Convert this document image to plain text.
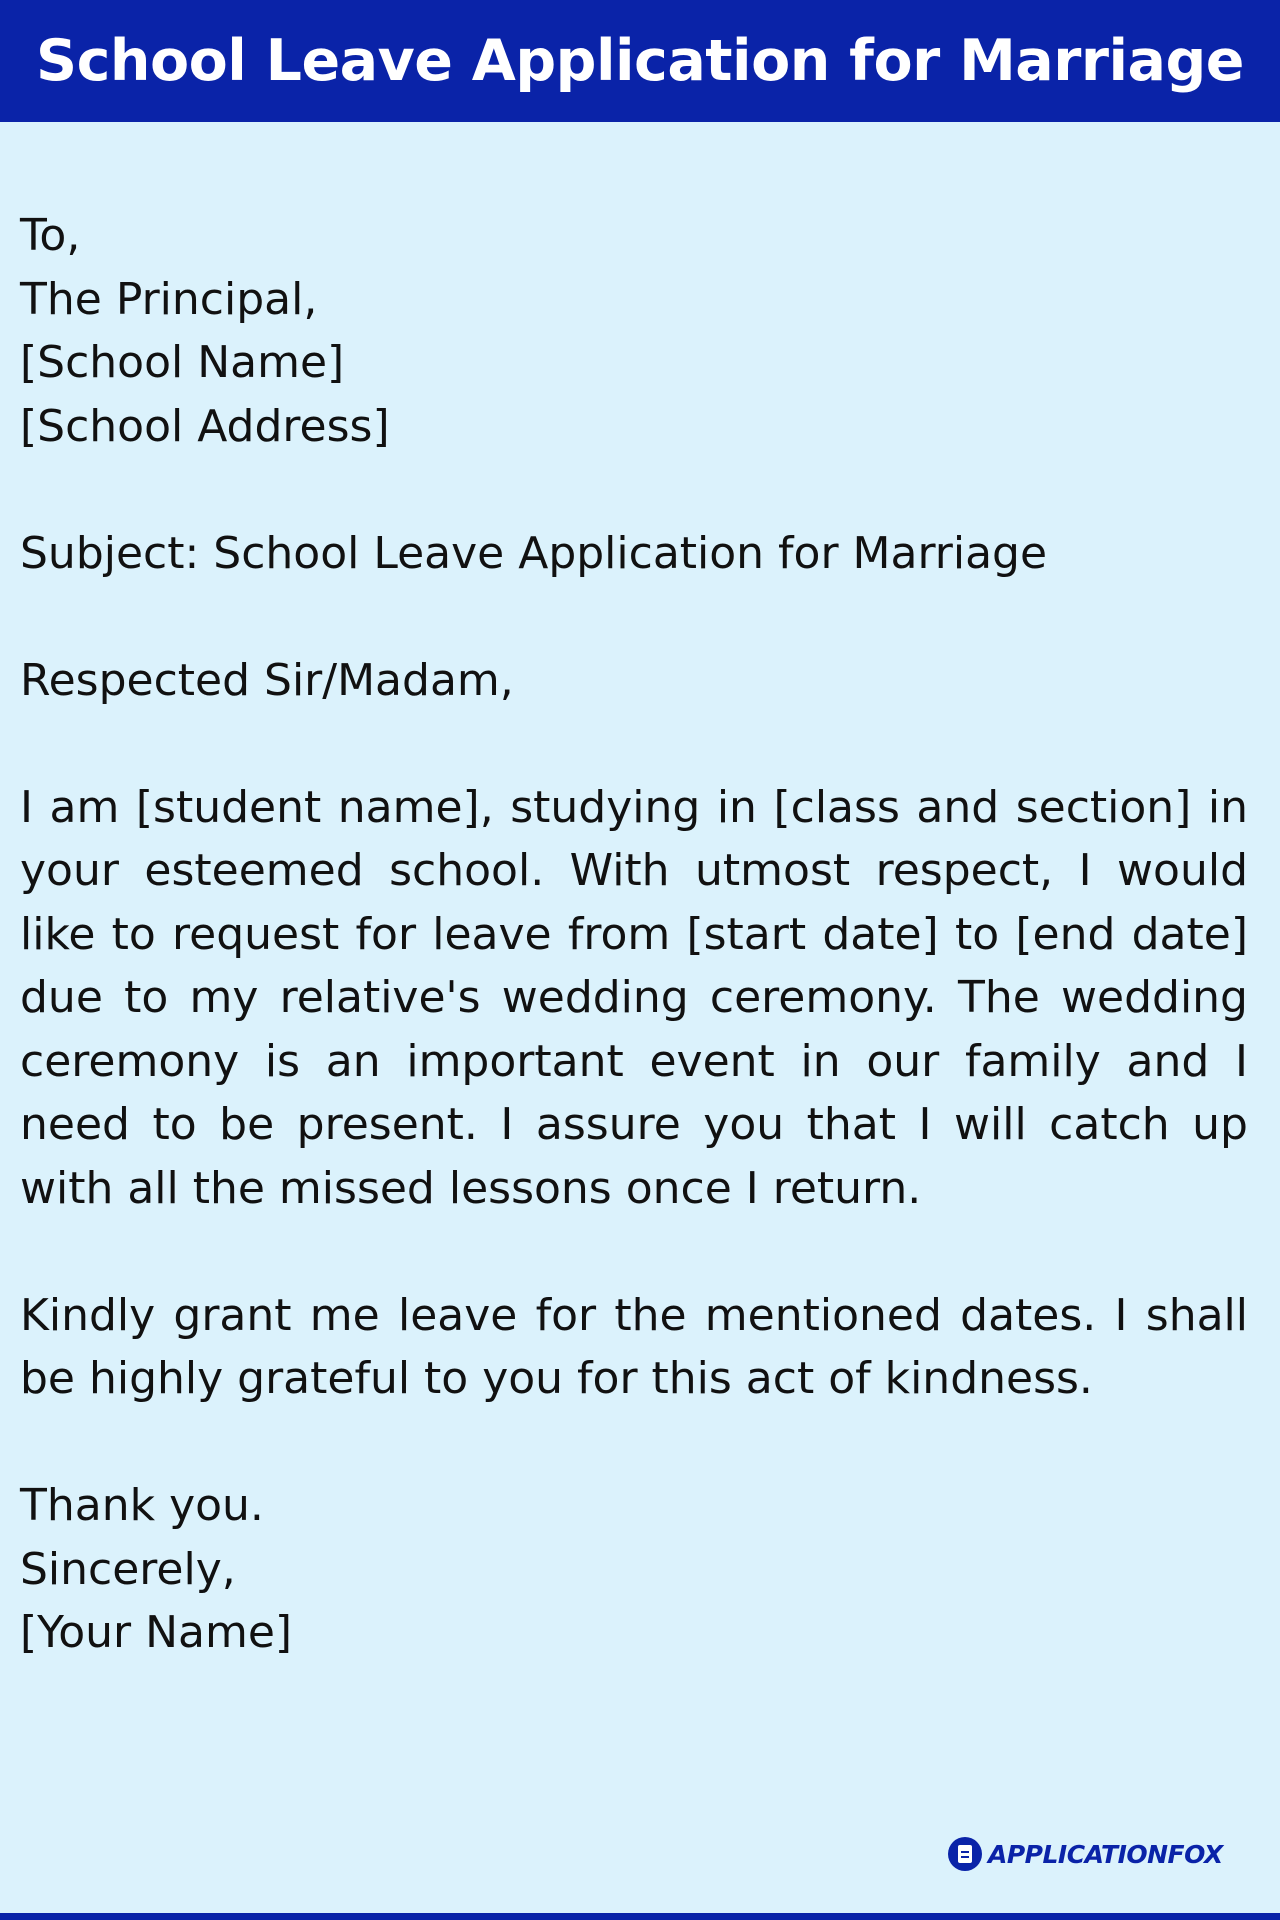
School Leave Application for Marriage

To,
The Principal,
[School Name]
[School Address]

Subject: School Leave Application for Marriage

Respected Sir/Madam,

I am [student name], studying in [class and section] in your esteemed school. With utmost respect, I would like to request for leave from [start date] to [end date] due to my relative's wedding ceremony. The wedding ceremony is an important event in our family and I need to be present. I assure you that I will catch up with all the missed lessons once I return.

Kindly grant me leave for the mentioned dates. I shall be highly grateful to you for this act of kindness.

Thank you.
Sincerely,
[Your Name]

APPLICATIONFOX
